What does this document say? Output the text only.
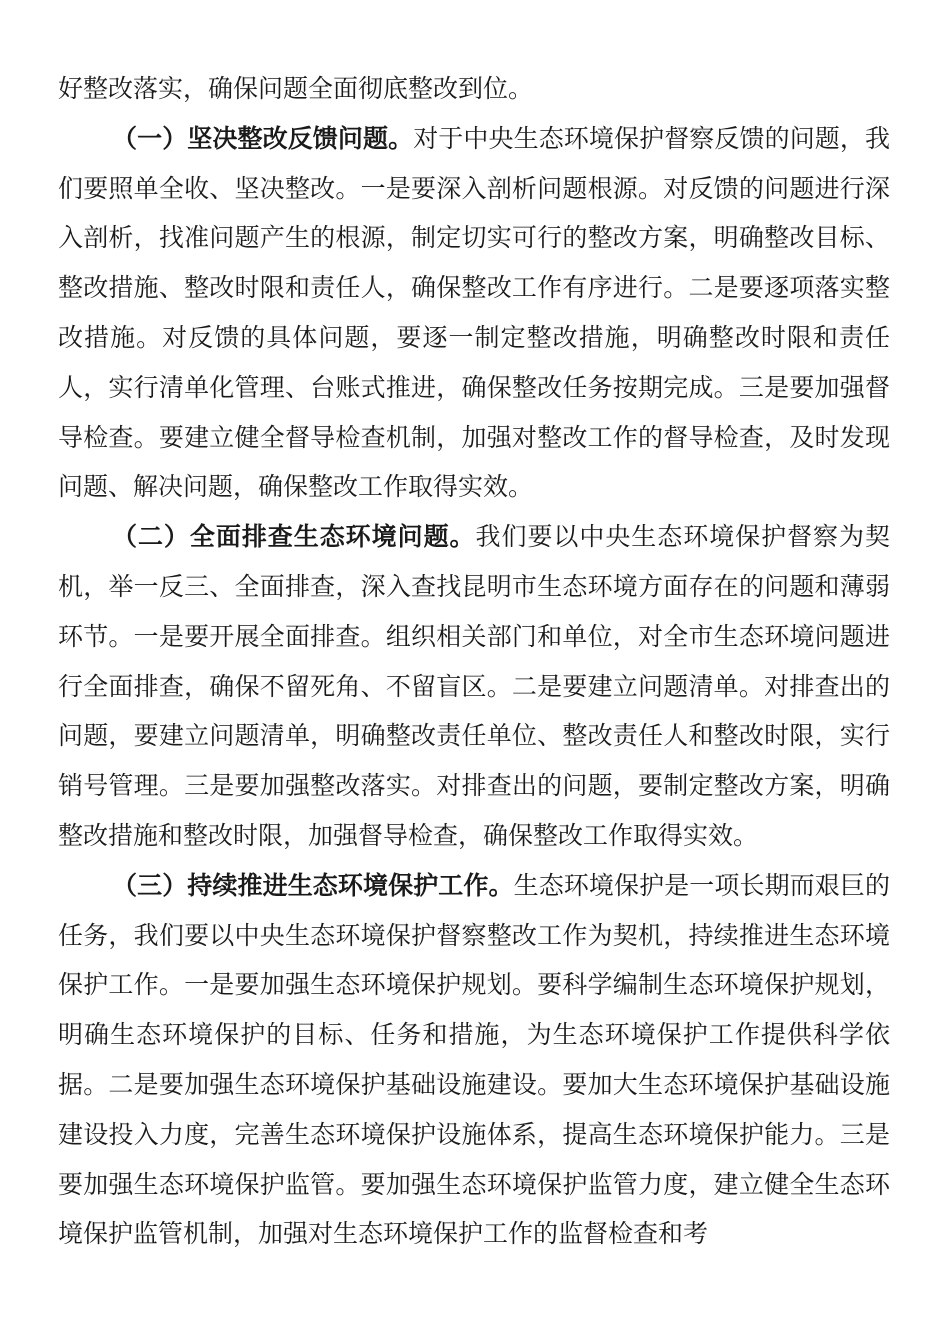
好整改落实，确保问题全面彻底整改到位。

（一）坚决整改反馈问题。对于中央生态环境保护督察反馈的问题，我们要照单全收、坚决整改。一是要深入剖析问题根源。对反馈的问题进行深入剖析，找准问题产生的根源，制定切实可行的整改方案，明确整改目标、整改措施、整改时限和责任人，确保整改工作有序进行。二是要逐项落实整改措施。对反馈的具体问题，要逐一制定整改措施，明确整改时限和责任人，实行清单化管理、台账式推进，确保整改任务按期完成。三是要加强督导检查。要建立健全督导检查机制，加强对整改工作的督导检查，及时发现问题、解决问题，确保整改工作取得实效。

（二）全面排查生态环境问题。我们要以中央生态环境保护督察为契机，举一反三、全面排查，深入查找昆明市生态环境方面存在的问题和薄弱环节。一是要开展全面排查。组织相关部门和单位，对全市生态环境问题进行全面排查，确保不留死角、不留盲区。二是要建立问题清单。对排查出的问题，要建立问题清单，明确整改责任单位、整改责任人和整改时限，实行销号管理。三是要加强整改落实。对排查出的问题，要制定整改方案，明确整改措施和整改时限，加强督导检查，确保整改工作取得实效。

（三）持续推进生态环境保护工作。生态环境保护是一项长期而艰巨的任务，我们要以中央生态环境保护督察整改工作为契机，持续推进生态环境保护工作。一是要加强生态环境保护规划。要科学编制生态环境保护规划，明确生态环境保护的目标、任务和措施，为生态环境保护工作提供科学依据。二是要加强生态环境保护基础设施建设。要加大生态环境保护基础设施建设投入力度，完善生态环境保护设施体系，提高生态环境保护能力。三是要加强生态环境保护监管。要加强生态环境保护监管力度，建立健全生态环境保护监管机制，加强对生态环境保护工作的监督检查和考
